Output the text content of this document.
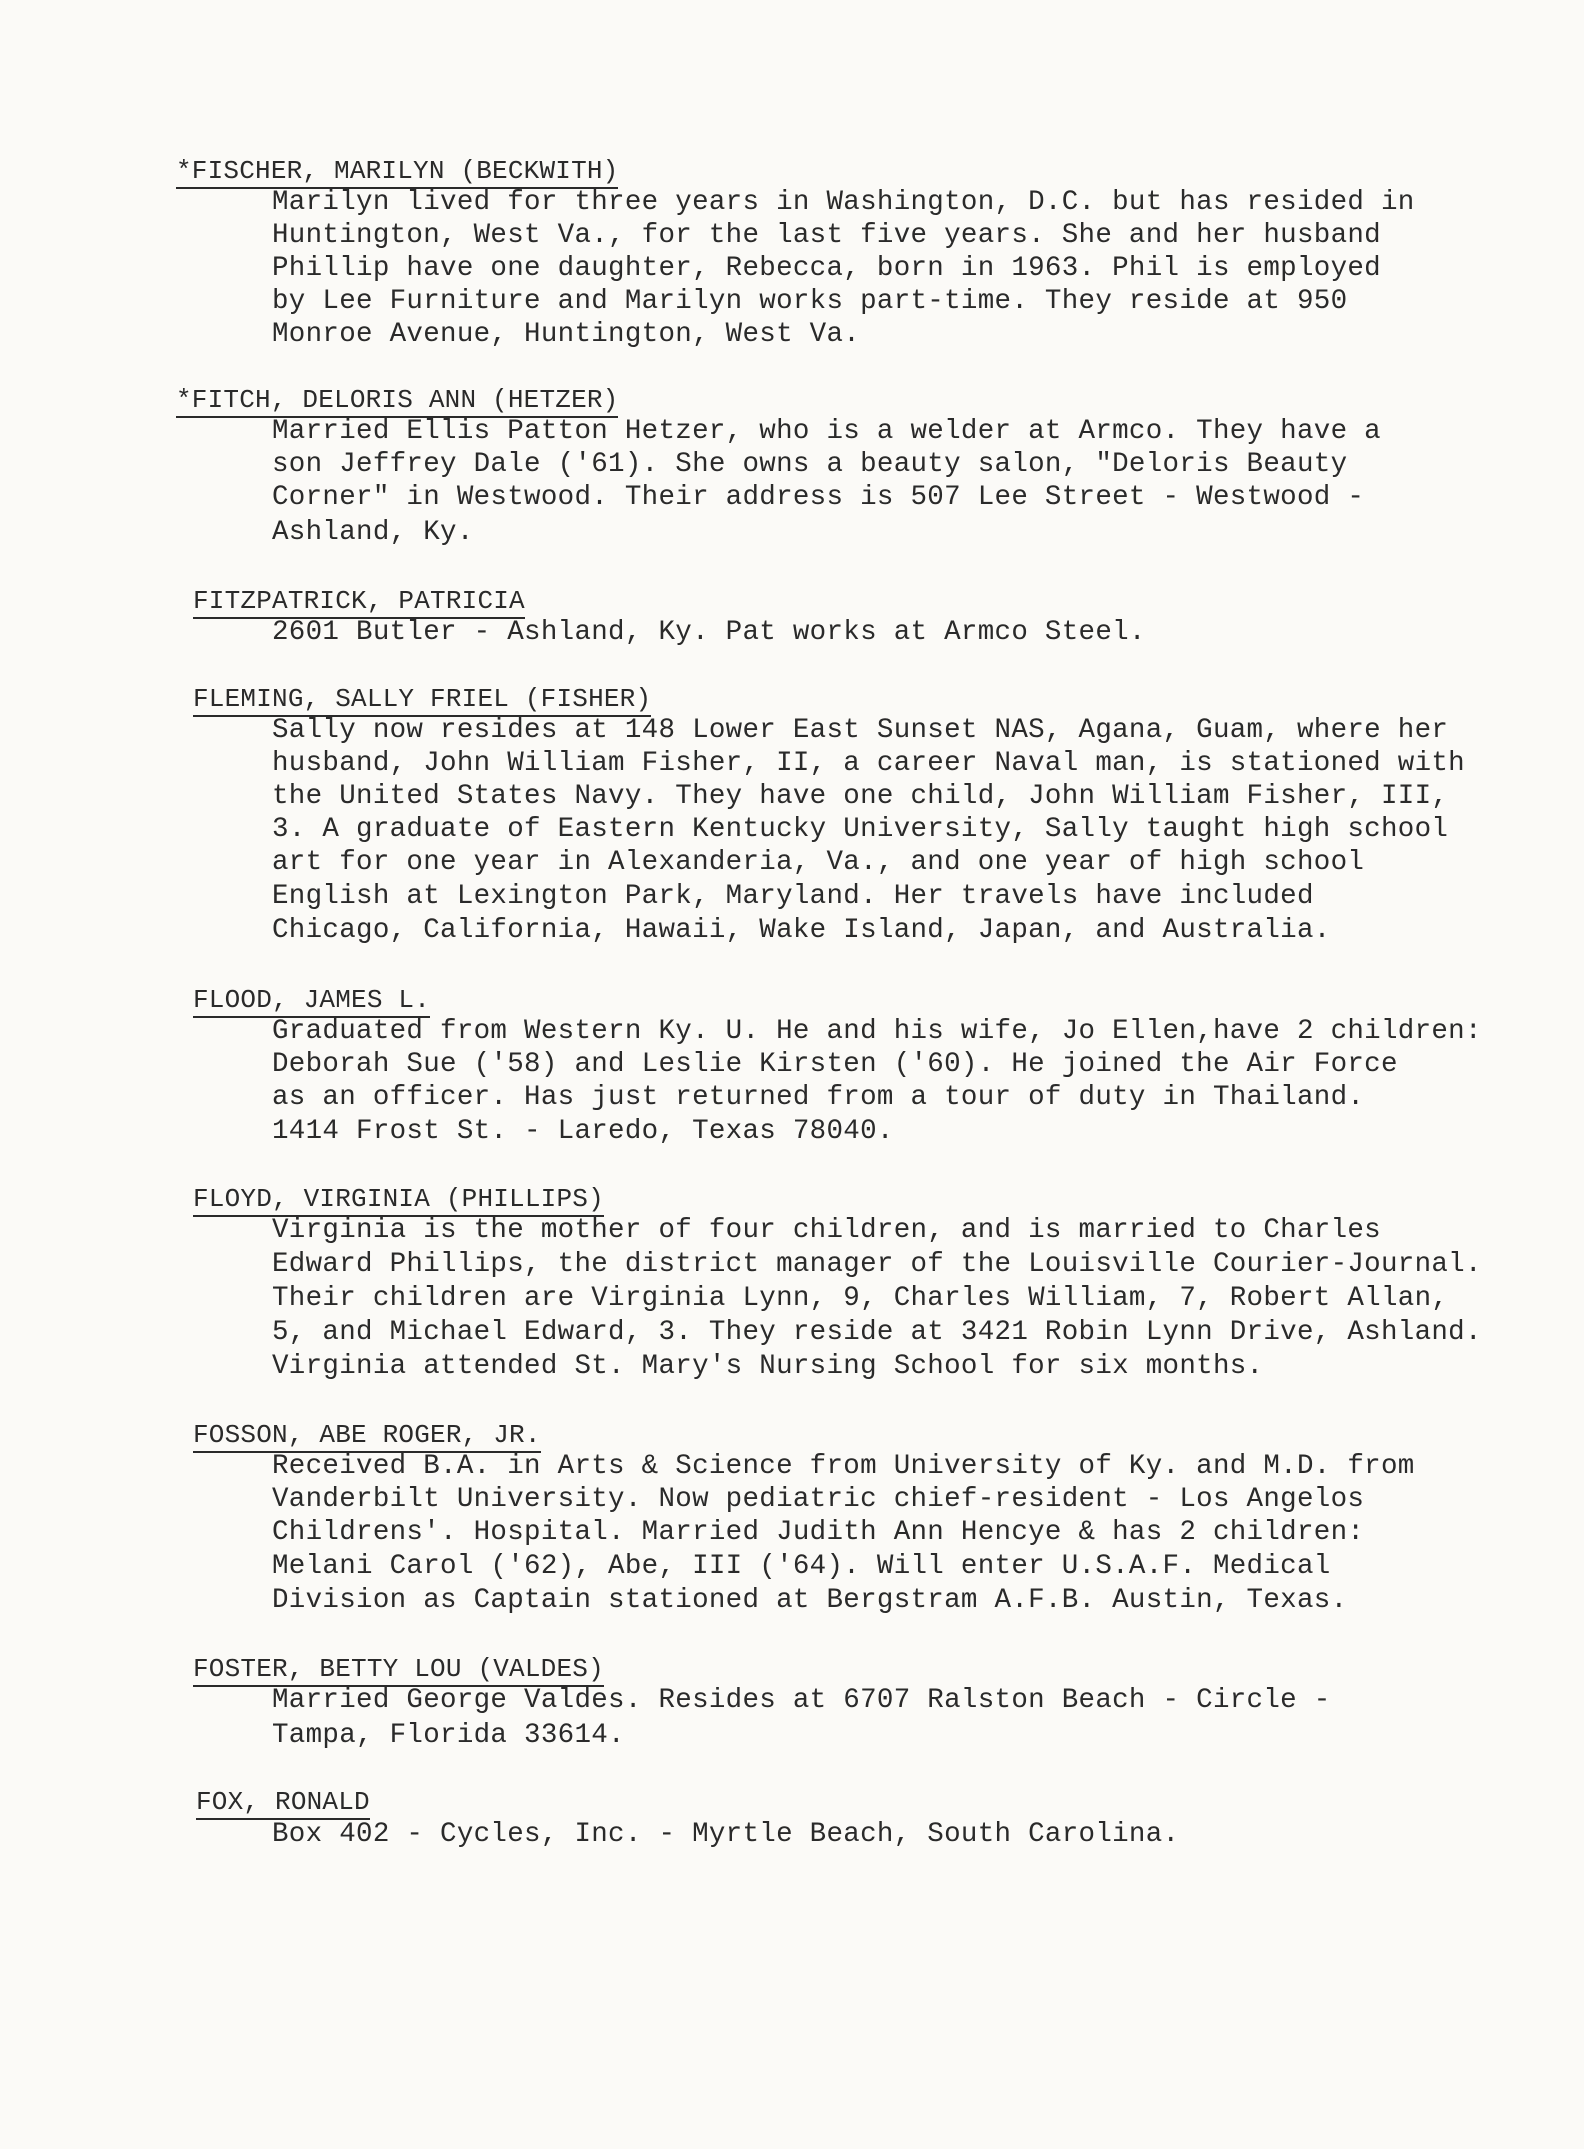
*FISCHER, MARILYN (BECKWITH)
Marilyn lived for three years in Washington, D.C. but has resided in
Huntington, West Va., for the last five years. She and her husband
Phillip have one daughter, Rebecca, born in 1963. Phil is employed
by Lee Furniture and Marilyn works part-time. They reside at 950
Monroe Avenue, Huntington, West Va.
*FITCH, DELORIS ANN (HETZER)
Married Ellis Patton Hetzer, who is a welder at Armco. They have a
son Jeffrey Dale ('61). She owns a beauty salon, "Deloris Beauty
Corner" in Westwood. Their address is 507 Lee Street - Westwood -
Ashland, Ky.
FITZPATRICK, PATRICIA
2601 Butler - Ashland, Ky. Pat works at Armco Steel.
FLEMING, SALLY FRIEL (FISHER)
Sally now resides at 148 Lower East Sunset NAS, Agana, Guam, where her
husband, John William Fisher, II, a career Naval man, is stationed with
the United States Navy. They have one child, John William Fisher, III,
3. A graduate of Eastern Kentucky University, Sally taught high school
art for one year in Alexanderia, Va., and one year of high school
English at Lexington Park, Maryland. Her travels have included
Chicago, California, Hawaii, Wake Island, Japan, and Australia.
FLOOD, JAMES L.
Graduated from Western Ky. U. He and his wife, Jo Ellen,have 2 children:
Deborah Sue ('58) and Leslie Kirsten ('60). He joined the Air Force
as an officer. Has just returned from a tour of duty in Thailand.
1414 Frost St. - Laredo, Texas 78040.
FLOYD, VIRGINIA (PHILLIPS)
Virginia is the mother of four children, and is married to Charles
Edward Phillips, the district manager of the Louisville Courier-Journal.
Their children are Virginia Lynn, 9, Charles William, 7, Robert Allan,
5, and Michael Edward, 3. They reside at 3421 Robin Lynn Drive, Ashland.
Virginia attended St. Mary's Nursing School for six months.
FOSSON, ABE ROGER, JR.
Received B.A. in Arts & Science from University of Ky. and M.D. from
Vanderbilt University. Now pediatric chief-resident - Los Angelos
Childrens'. Hospital. Married Judith Ann Hencye & has 2 children:
Melani Carol ('62), Abe, III ('64). Will enter U.S.A.F. Medical
Division as Captain stationed at Bergstram A.F.B. Austin, Texas.
FOSTER, BETTY LOU (VALDES)
Married George Valdes. Resides at 6707 Ralston Beach - Circle -
Tampa, Florida 33614.
FOX, RONALD
Box 402 - Cycles, Inc. - Myrtle Beach, South Carolina.
